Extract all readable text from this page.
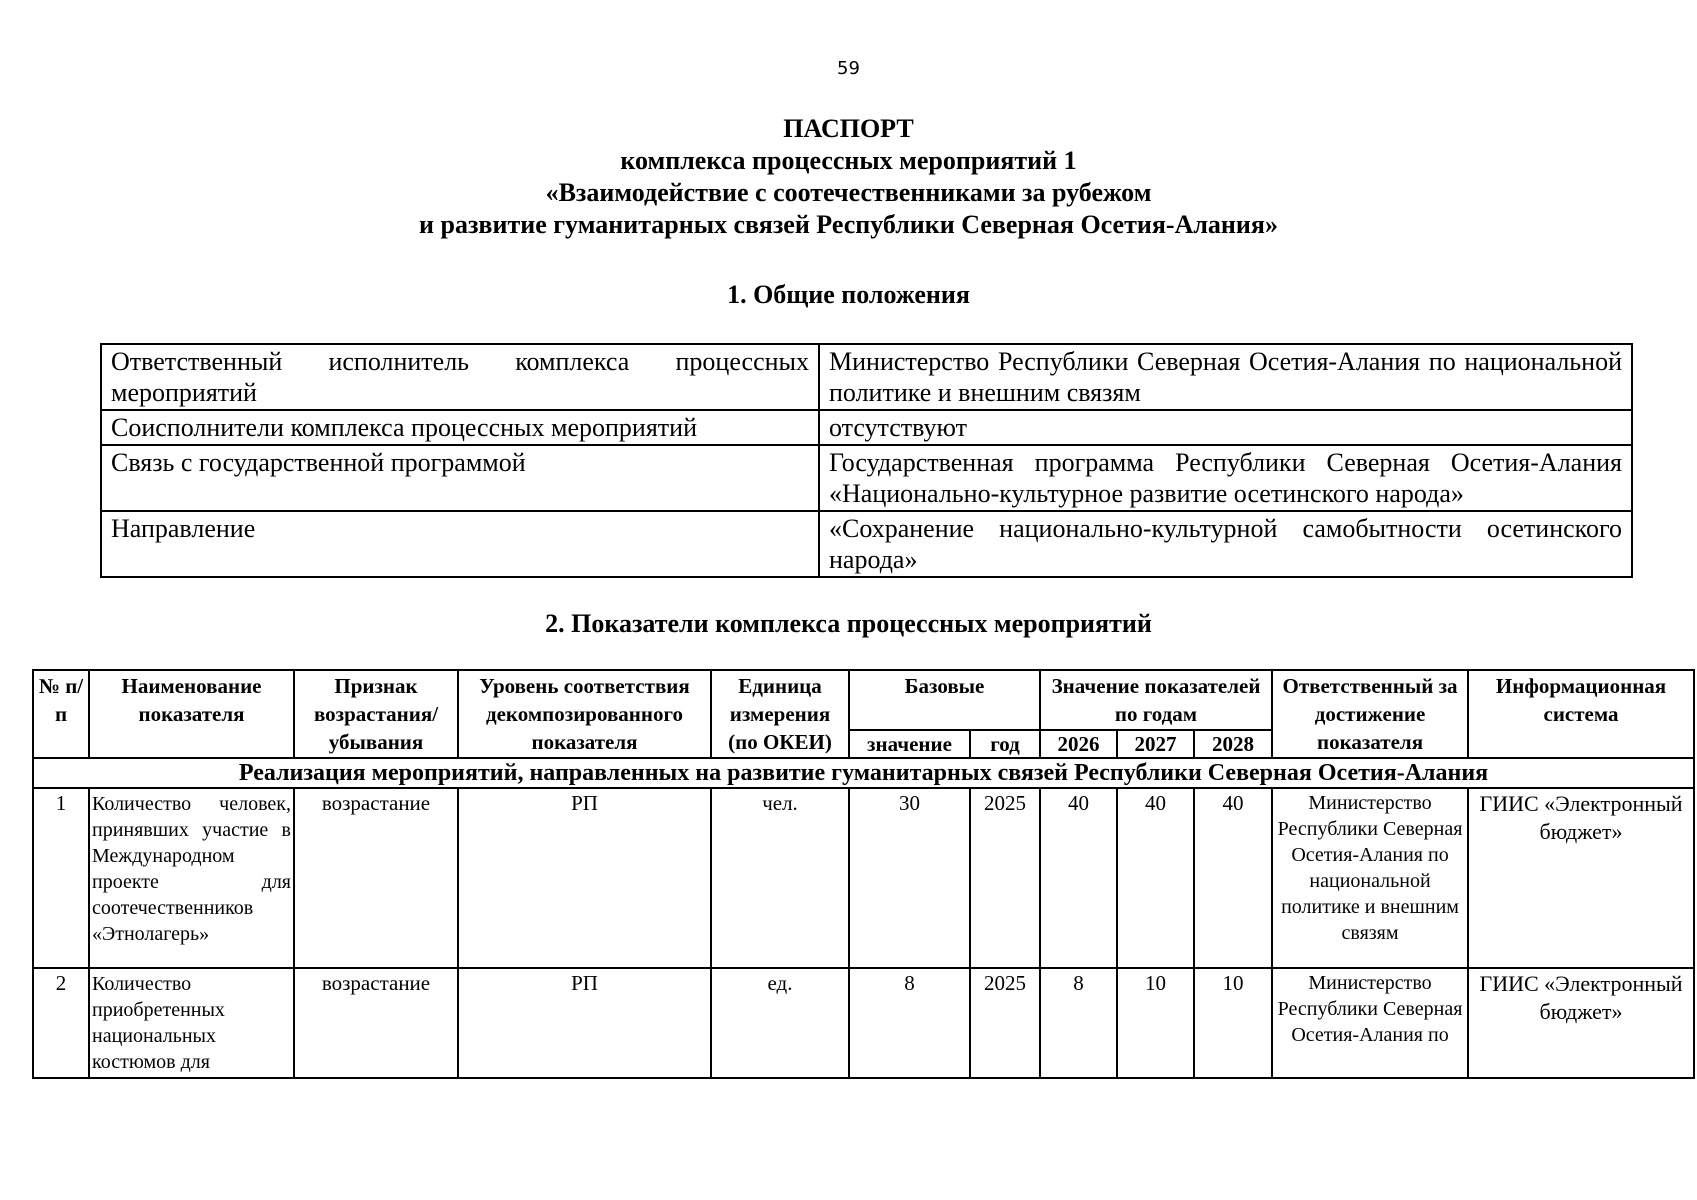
59
ПАСПОРТ
комплекса процессных мероприятий 1
«Взаимодействие с соотечественниками за рубежом
и развитие гуманитарных связей Республики Северная Осетия-Алания»
1. Общие положения
Ответственный исполнитель комплекса процессных мероприятий	Министерство Республики Северная Осетия-Алания по национальной политике и внешним связям
Соисполнители комплекса процессных мероприятий	отсутствуют
Связь с государственной программой	Государственная программа Республики Северная Осетия-Алания «Национально-культурное развитие осетинского народа»
Направление	«Сохранение национально-культурной самобытности осетинского народа»
2. Показатели комплекса процессных мероприятий
№ п/п	Наименование показателя	Признак возрастания/ убывания	Уровень соответствия декомпозированного показателя	Единица измерения (по ОКЕИ)	Базовые		Значение показателей по годам			Ответственный за достижение показателя	Информационная система
					значение	год	2026	2027	2028		
Реализация мероприятий, направленных на развитие гуманитарных связей Республики Северная Осетия-Алания											
1	Количество человек, принявших участие в Международном проекте для соотечественников «Этнолагерь»	возрастание	РП	чел.	30	2025	40	40	40	Министерство Республики Северная Осетия-Алания по национальной политике и внешним связям	ГИИС «Электронный бюджет»
2	Количество приобретенных национальных костюмов для	возрастание	РП	ед.	8	2025	8	10	10	Министерство Республики Северная Осетия-Алания по	ГИИС «Электронный бюджет»
